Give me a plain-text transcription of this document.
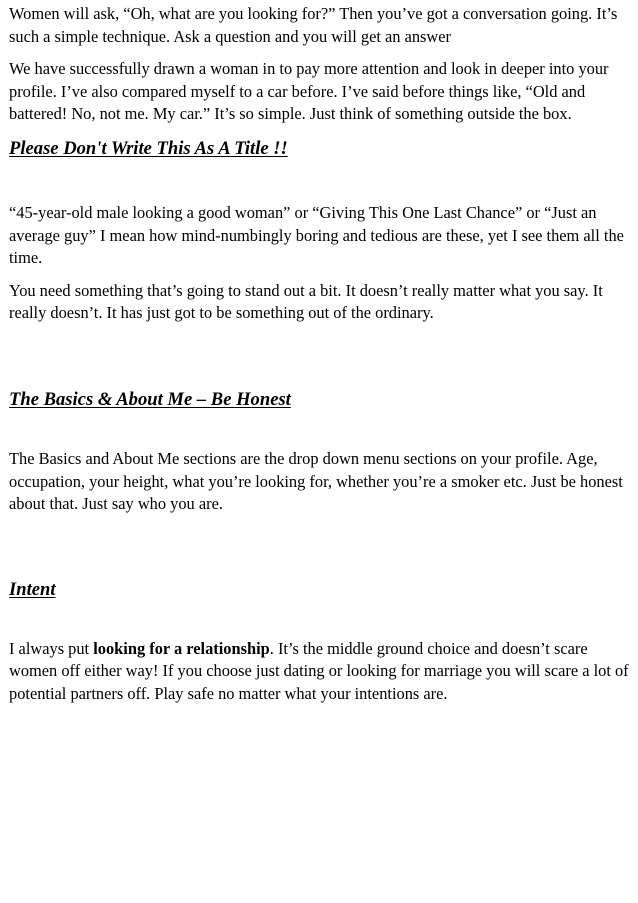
Women will ask, “Oh, what are you looking for?” Then you’ve got a conversation going. It’s such a simple technique. Ask a question and you will get an answer

We have successfully drawn a woman in to pay more attention and look in deeper into your profile. I’ve also compared myself to a car before. I’ve said before things like, “Old and battered! No, not me. My car.” It’s so simple. Just think of something outside the box.

Please Don't Write This As A Title !!

“45-year-old male looking a good woman” or “Giving This One Last Chance” or “Just an average guy” I mean how mind-numbingly boring and tedious are these, yet I see them all the time.

You need something that’s going to stand out a bit. It doesn’t really matter what you say. It really doesn’t. It has just got to be something out of the ordinary.

The Basics & About Me – Be Honest

The Basics and About Me sections are the drop down menu sections on your profile. Age, occupation, your height, what you’re looking for, whether you’re a smoker etc. Just be honest about that. Just say who you are.

Intent

I always put looking for a relationship. It’s the middle ground choice and doesn’t scare women off either way! If you choose just dating or looking for marriage you will scare a lot of potential partners off. Play safe no matter what your intentions are.
